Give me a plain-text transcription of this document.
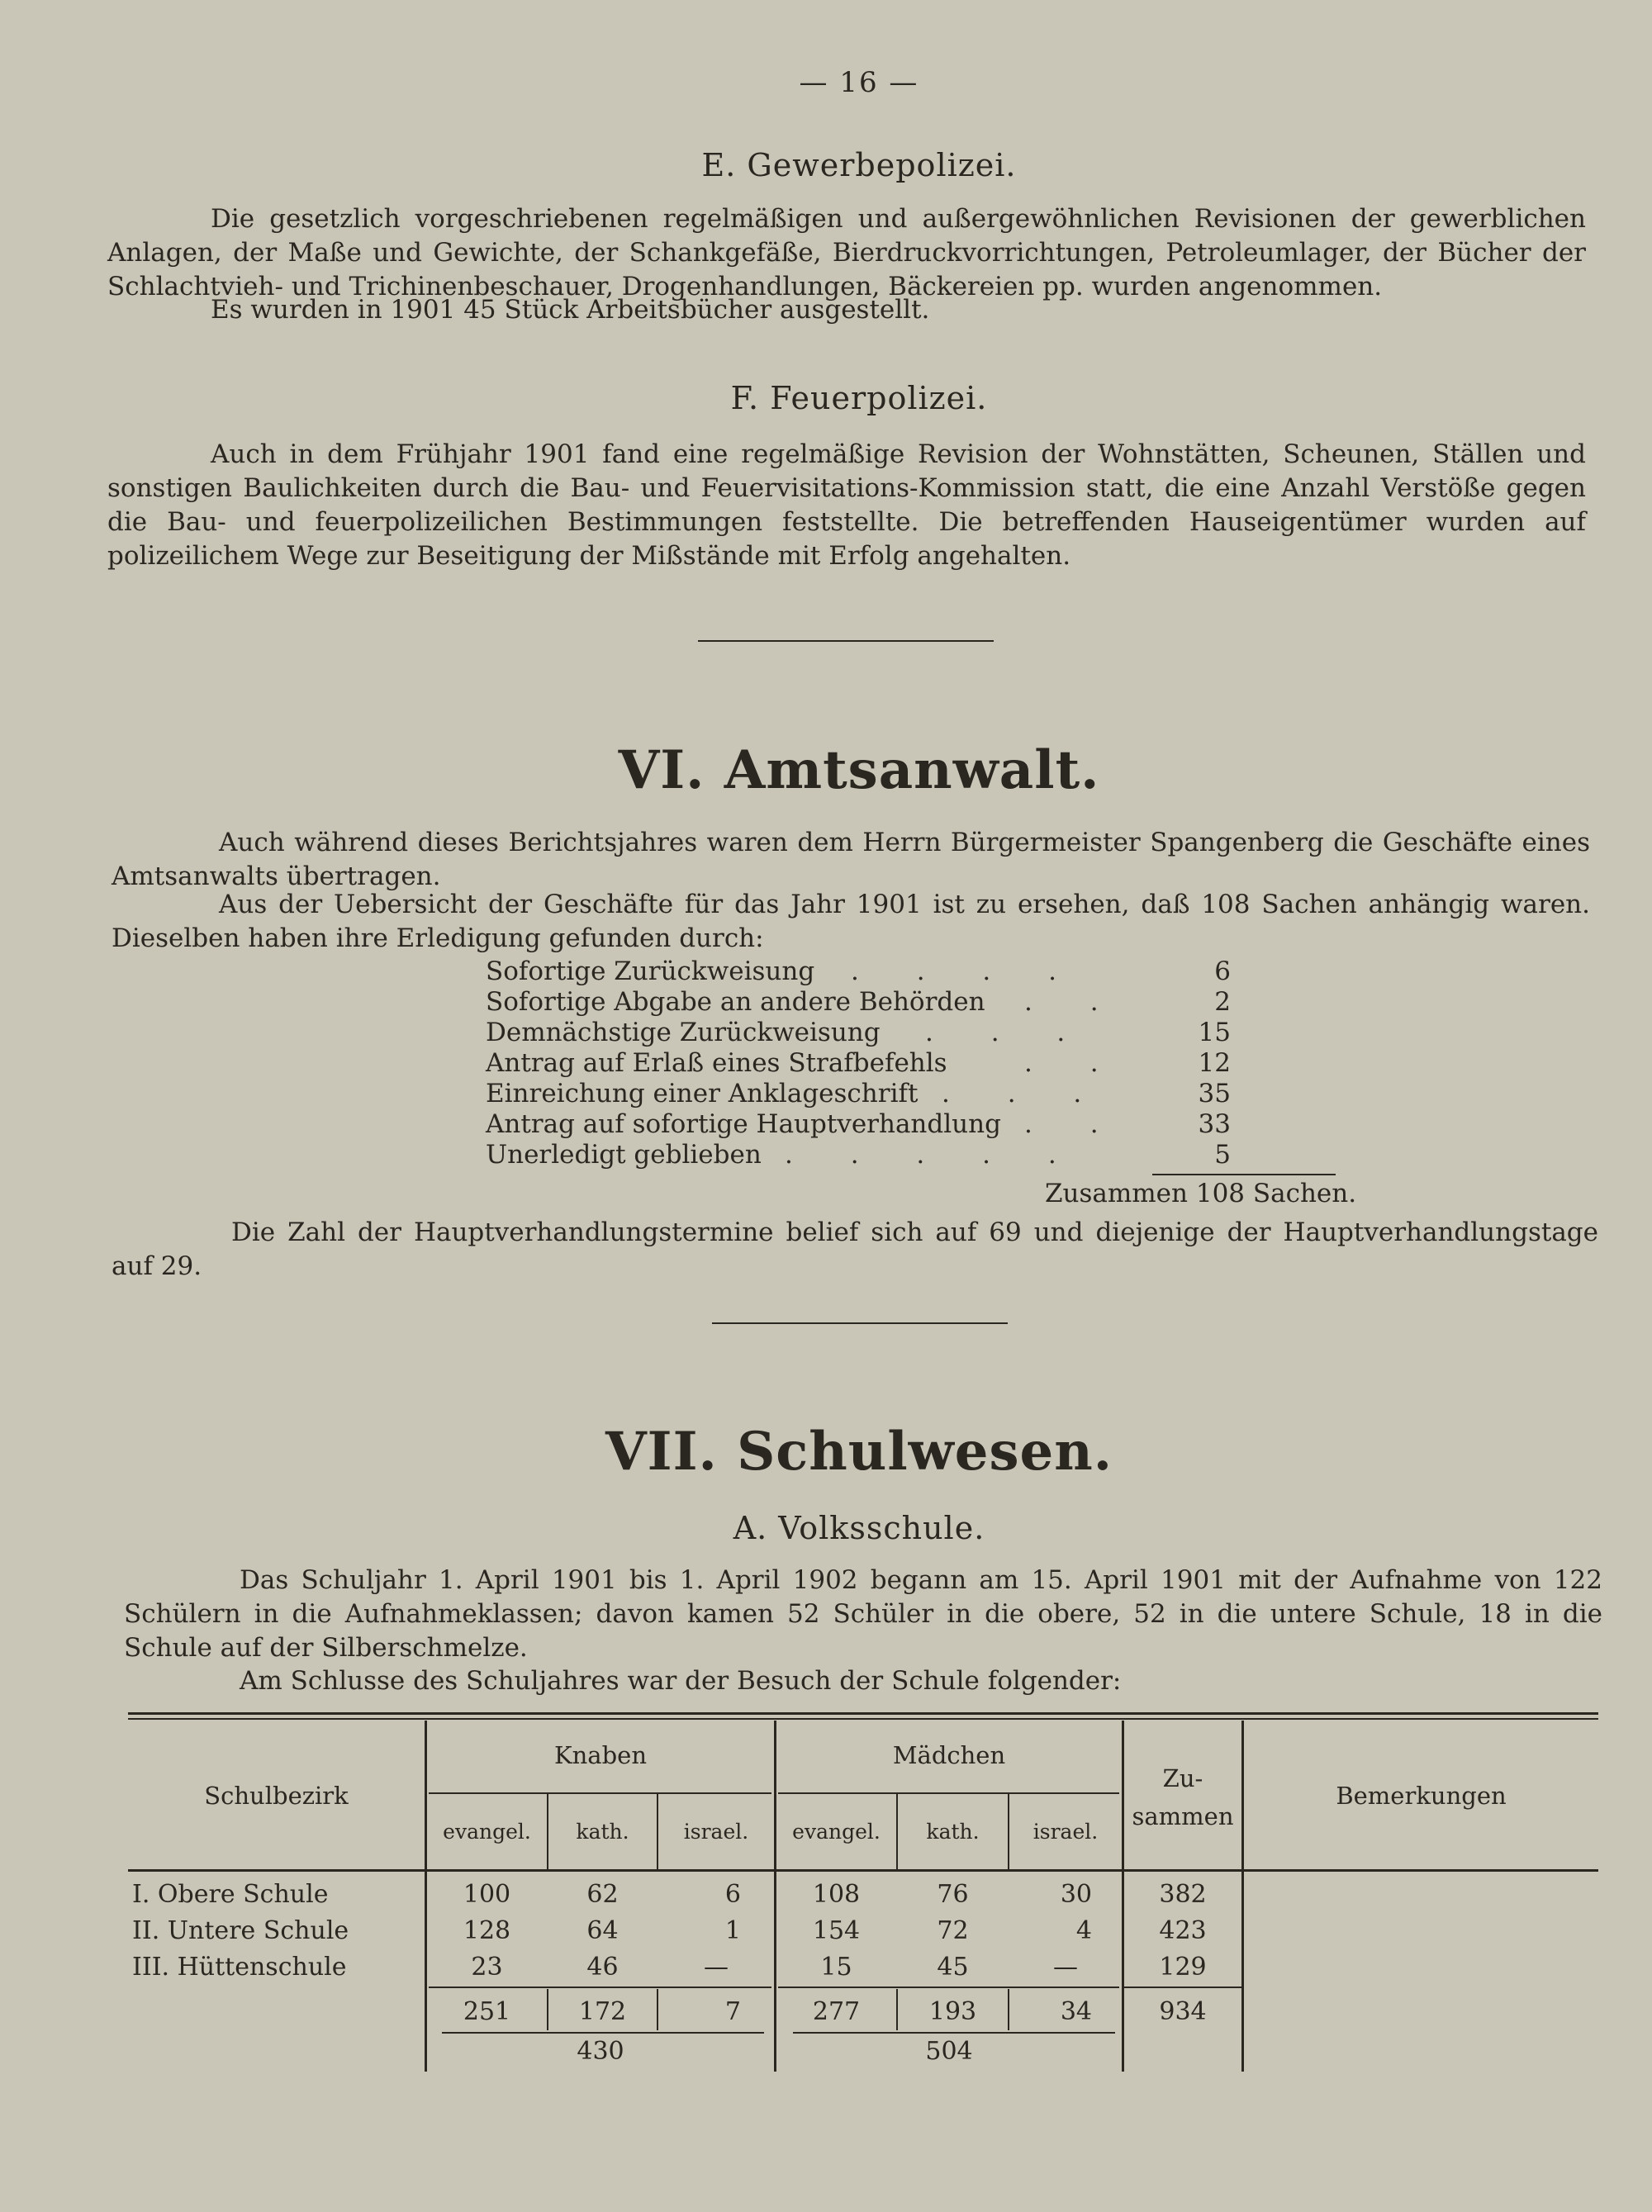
— 16 —
E. Gewerbepolizei.
Die gesetzlich vorgeschriebenen regelmäßigen und außergewöhnlichen Revisionen der gewerblichen Anlagen, der Maße und Gewichte, der Schankgefäße, Bierdruckvorrichtungen, Petroleumlager, der Bücher der Schlachtvieh- und Trichinenbeschauer, Drogenhandlungen, Bäckereien pp. wurden angenommen.
Es wurden in 1901 45 Stück Arbeitsbücher ausgestellt.
F. Feuerpolizei.
Auch in dem Frühjahr 1901 fand eine regelmäßige Revision der Wohnstätten, Scheunen, Ställen und sonstigen Baulichkeiten durch die Bau- und Feuervisitations-Kommission statt, die eine Anzahl Verstöße gegen die Bau- und feuerpolizeilichen Bestimmungen feststellte. Die betreffenden Hauseigentümer wurden auf polizeilichem Wege zur Beseitigung der Mißstände mit Erfolg angehalten.
VI. Amtsanwalt.
Auch während dieses Berichtsjahres waren dem Herrn Bürgermeister Spangenberg die Geschäfte eines Amtsanwalts übertragen.
Aus der Uebersicht der Geschäfte für das Jahr 1901 ist zu ersehen, daß 108 Sachen anhängig waren. Dieselben haben ihre Erledigung gefunden durch:
Sofortige Zurückweisung . . . .	6
Sofortige Abgabe an andere Behörden . .	2
Demnächstige Zurückweisung . . .	15
Antrag auf Erlaß eines Strafbefehls	. .	12
Einreichung einer Anklageschrift . . .	35
Antrag auf sofortige Hauptverhandlung . .	33
Unerledigt geblieben . . . . .	5
Zusammen 108 Sachen.
Die Zahl der Hauptverhandlungstermine belief sich auf 69 und diejenige der Hauptverhandlungstage auf 29.
VII. Schulwesen.
A. Volksschule.
Das Schuljahr 1. April 1901 bis 1. April 1902 begann am 15. April 1901 mit der Aufnahme von 122 Schülern in die Aufnahmeklassen; davon kamen 52 Schüler in die obere, 52 in die untere Schule, 18 in die Schule auf der Silberschmelze.
Am Schlusse des Schuljahres war der Besuch der Schule folgender:
Schulbezirk
Knaben	Mädchen
Zu-
sammen
Bemerkungen
evangel.	kath.	israel.	evangel.	kath.	israel.
I. Obere Schule	100	62	6	108	76	30	382
II. Untere Schule	128	64	1	154	72	4	423
III. Hüttenschule	23	46	—	15	45	—	129
251	172	7	277	193	34	934
430	504
